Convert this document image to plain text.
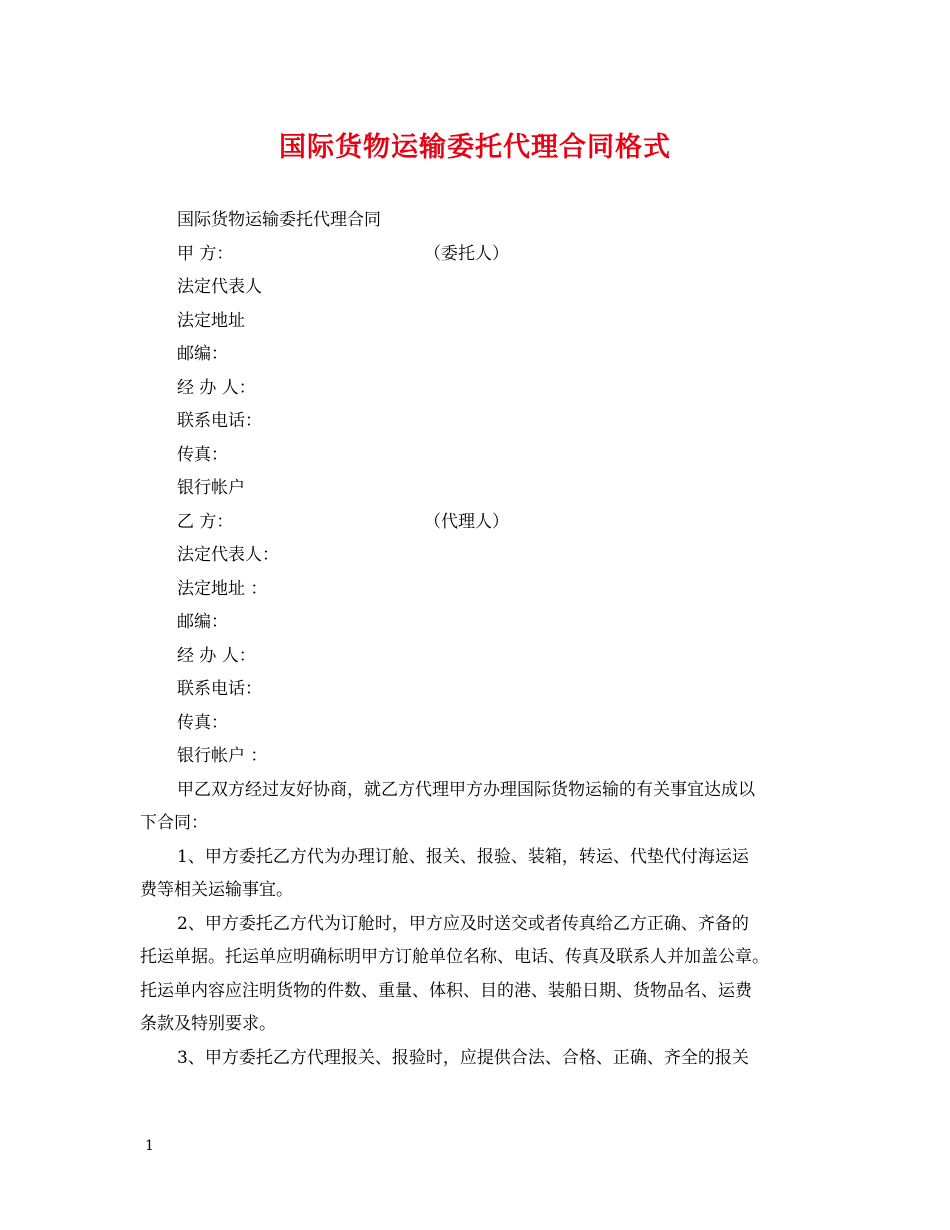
国际货物运输委托代理合同格式
国际货物运输委托代理合同
甲 方：	（委托人）
法定代表人
法定地址
邮编：
经 办 人：
联系电话：
传真：
银行帐户
乙 方：	（代理人）
法定代表人：
法定地址 ：
邮编：
经 办 人：
联系电话：
传真：
银行帐户 ：
甲乙双方经过友好协商，就乙方代理甲方办理国际货物运输的有关事宜达成以
下合同：
1、甲方委托乙方代为办理订舱、报关、报验、装箱，转运、代垫代付海运运
费等相关运输事宜。
2、甲方委托乙方代为订舱时，甲方应及时送交或者传真给乙方正确、齐备的
托运单据。托运单应明确标明甲方订舱单位名称、电话、传真及联系人并加盖公章。
托运单内容应注明货物的件数、重量、体积、目的港、装船日期、货物品名、运费
条款及特别要求。
3、甲方委托乙方代理报关、报验时，应提供合法、合格、正确、齐全的报关
1
